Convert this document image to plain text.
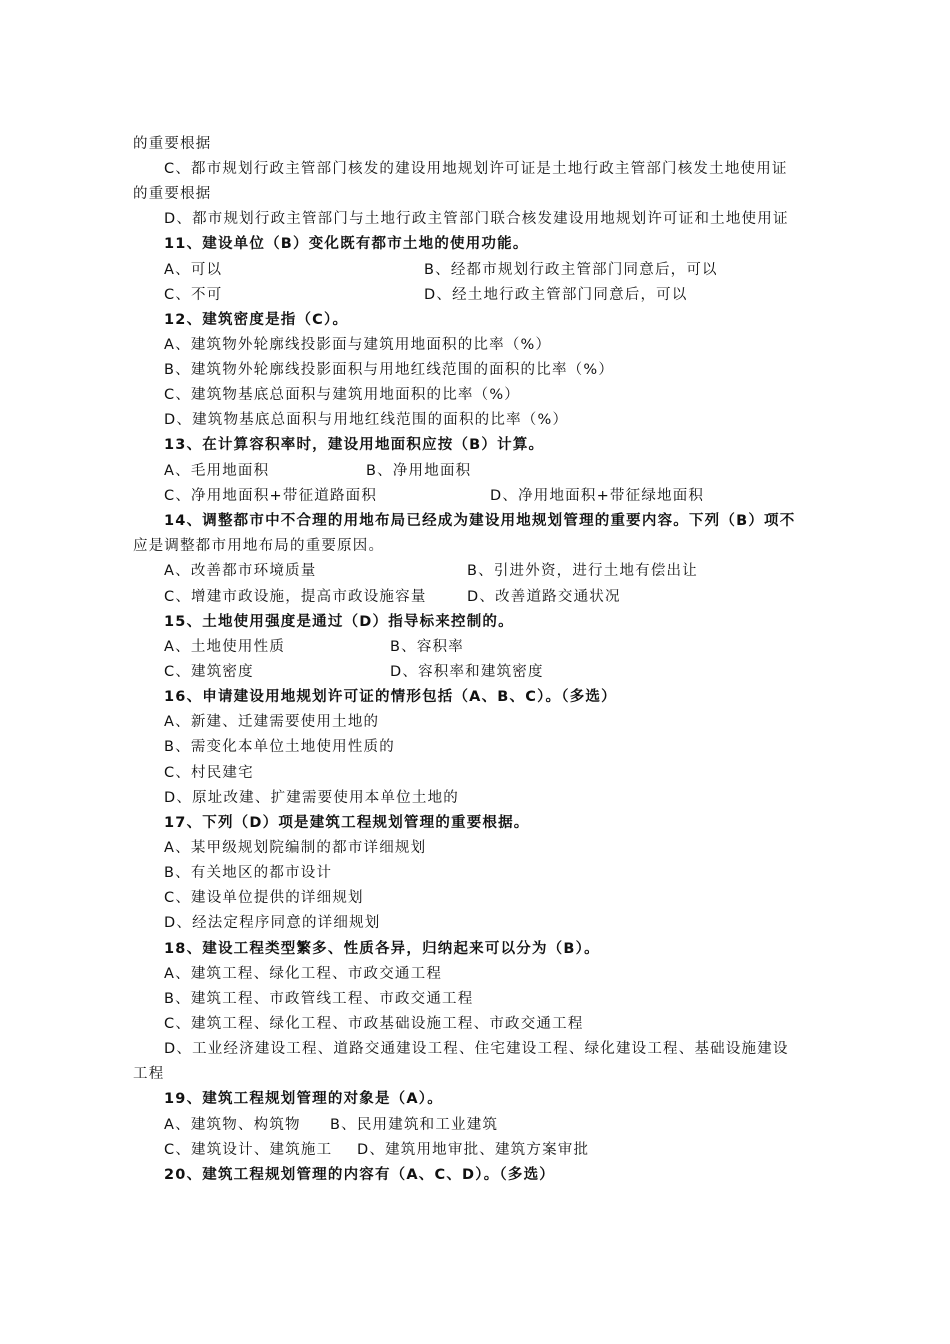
的重要根据
C、都市规划行政主管部门核发的建设用地规划许可证是土地行政主管部门核发土地使用证
的重要根据
D、都市规划行政主管部门与土地行政主管部门联合核发建设用地规划许可证和土地使用证
11、建设单位（B）变化既有都市土地的使用功能。
A、可以	B、经都市规划行政主管部门同意后，可以
C、不可	D、经土地行政主管部门同意后，可以
12、建筑密度是指（C）。
A、建筑物外轮廓线投影面与建筑用地面积的比率（%）
B、建筑物外轮廓线投影面积与用地红线范围的面积的比率（%）
C、建筑物基底总面积与建筑用地面积的比率（%）
D、建筑物基底总面积与用地红线范围的面积的比率（%）
13、在计算容积率时，建设用地面积应按（B）计算。
A、毛用地面积	B、净用地面积
C、净用地面积+带征道路面积	D、净用地面积+带征绿地面积
14、调整都市中不合理的用地布局已经成为建设用地规划管理的重要内容。下列（B）项不
应是调整都市用地布局的重要原因。
A、改善都市环境质量	B、引进外资，进行土地有偿出让
C、增建市政设施，提高市政设施容量	D、改善道路交通状况
15、土地使用强度是通过（D）指导标来控制的。
A、土地使用性质	B、容积率
C、建筑密度	D、容积率和建筑密度
16、申请建设用地规划许可证的情形包括（A、B、C）。（多选）
A、新建、迁建需要使用土地的
B、需变化本单位土地使用性质的
C、村民建宅
D、原址改建、扩建需要使用本单位土地的
17、下列（D）项是建筑工程规划管理的重要根据。
A、某甲级规划院编制的都市详细规划
B、有关地区的都市设计
C、建设单位提供的详细规划
D、经法定程序同意的详细规划
18、建设工程类型繁多、性质各异，归纳起来可以分为（B）。
A、建筑工程、绿化工程、市政交通工程
B、建筑工程、市政管线工程、市政交通工程
C、建筑工程、绿化工程、市政基础设施工程、市政交通工程
D、工业经济建设工程、道路交通建设工程、住宅建设工程、绿化建设工程、基础设施建设
工程
19、建筑工程规划管理的对象是（A）。
A、建筑物、构筑物 B、民用建筑和工业建筑
C、建筑设计、建筑施工 D、建筑用地审批、建筑方案审批
20、建筑工程规划管理的内容有（A、C、D）。（多选）
